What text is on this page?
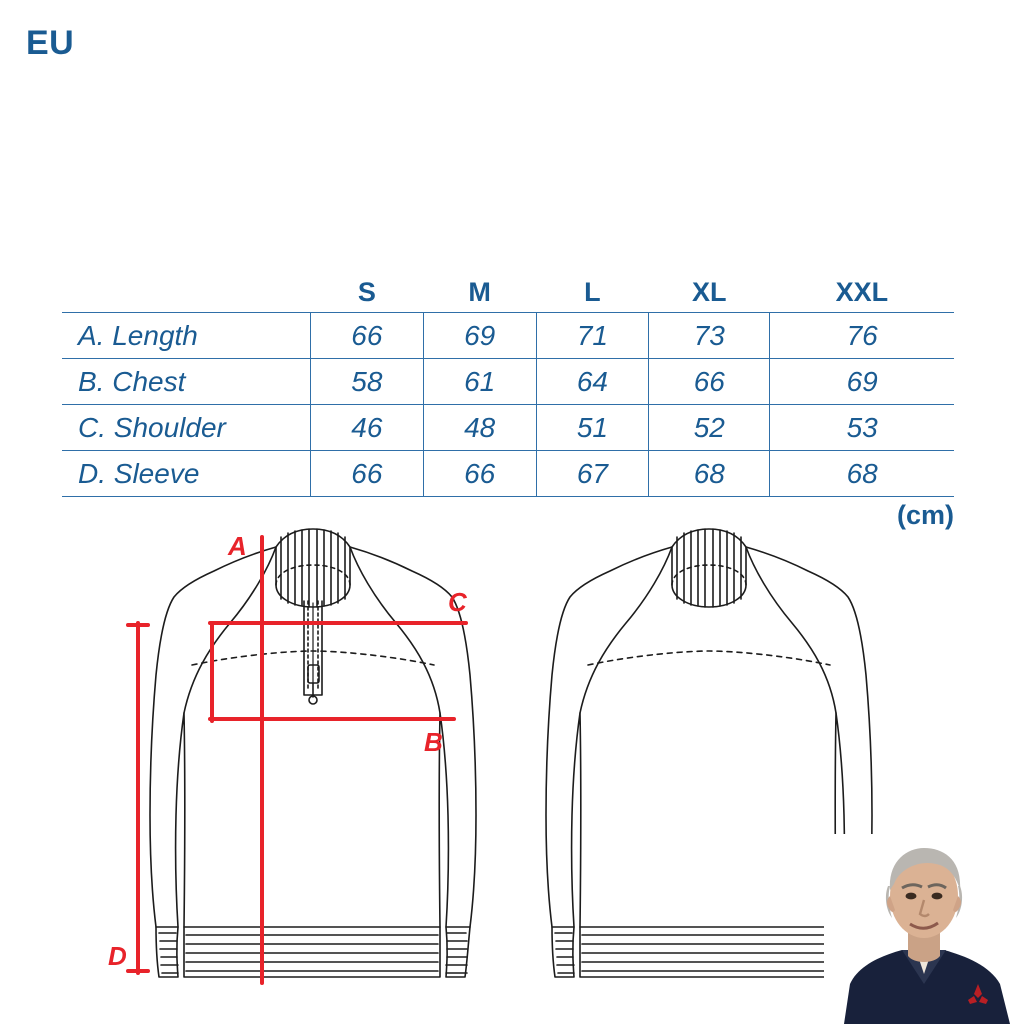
EU
	S	M	L	XL	XXL
A. Length	66	69	71	73	76
B. Chest	58	61	64	66	69
C. Shoulder	46	48	51	52	53
D. Sleeve	66	66	67	68	68
(cm)
A
C
B
D
